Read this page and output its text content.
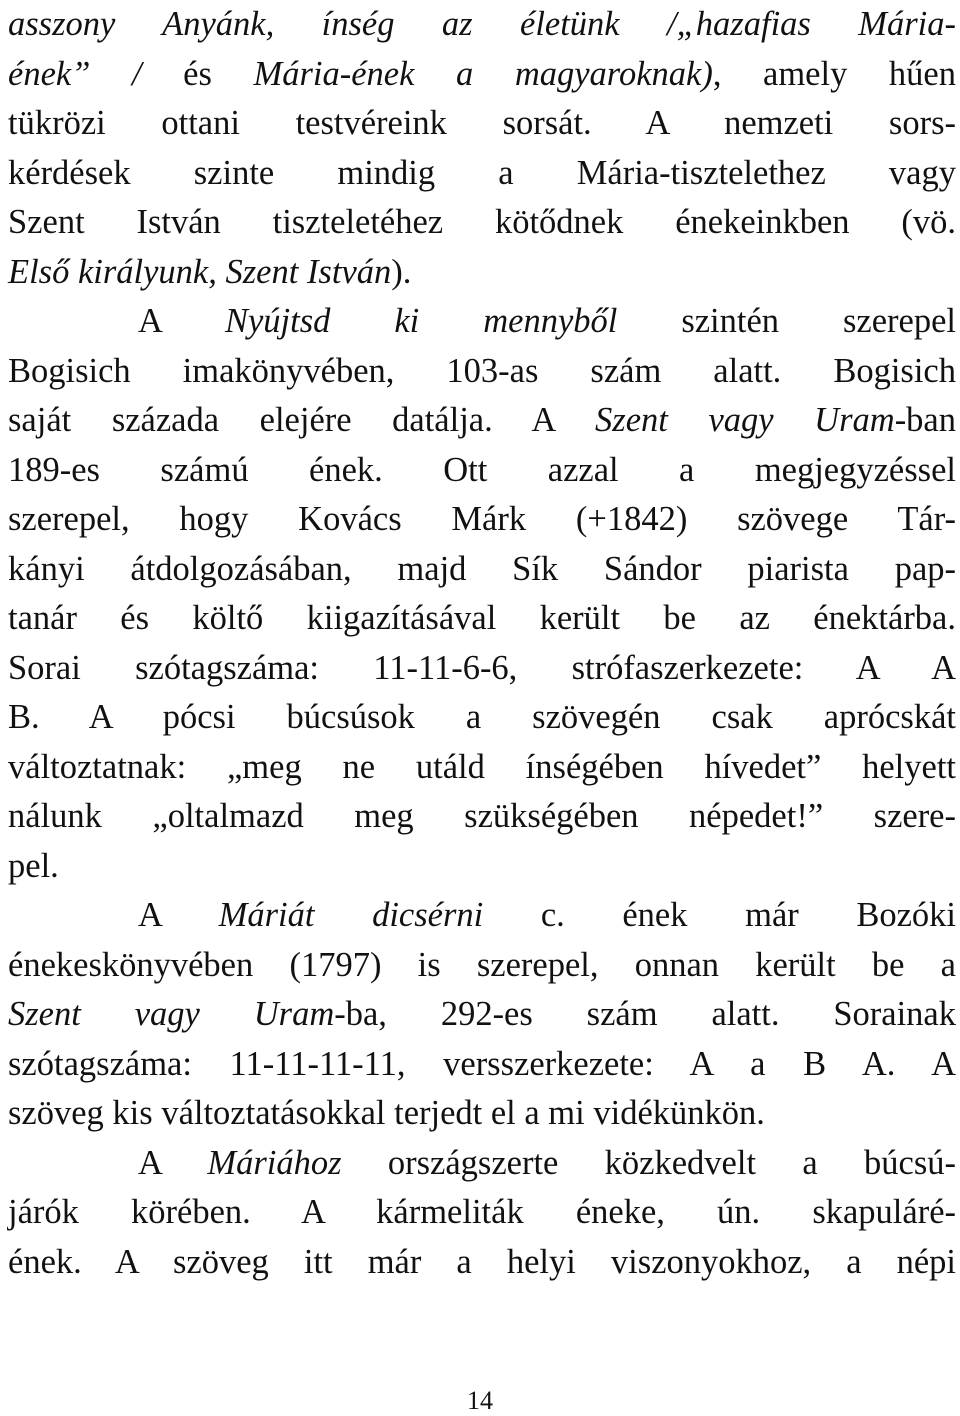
asszony Anyánk, ínség az életünk /„hazafias Mária-
ének” / és Mária-ének a magyaroknak), amely hűen
tükrözi ottani testvéreink sorsát. A nemzeti sors-
kérdések szinte mindig a Mária-tisztelethez vagy
Szent István tiszteletéhez kötődnek énekeinkben (vö.
Első királyunk, Szent István).
A Nyújtsd ki mennyből szintén szerepel
Bogisich imakönyvében, 103-as szám alatt. Bogisich
saját százada elejére datálja. A Szent vagy Uram-ban
189-es számú ének. Ott azzal a megjegyzéssel
szerepel, hogy Kovács Márk (+1842) szövege Tár-
kányi átdolgozásában, majd Sík Sándor piarista pap-
tanár és költő kiigazításával került be az énektárba.
Sorai szótagszáma: 11-11-6-6, strófaszerkezete: A A
B. A pócsi búcsúsok a szövegén csak aprócskát
változtatnak: „meg ne utáld ínségében hívedet” helyett
nálunk „oltalmazd meg szükségében népedet!” szere-
pel.
A Máriát dicsérni c. ének már Bozóki
énekeskönyvében (1797) is szerepel, onnan került be a
Szent vagy Uram-ba, 292-es szám alatt. Sorainak
szótagszáma: 11-11-11-11, versszerkezete: A a B A. A
szöveg kis változtatásokkal terjedt el a mi vidékünkön.
A Máriához országszerte közkedvelt a búcsú-
járók körében. A kármeliták éneke, ún. skapuláré-
ének. A szöveg itt már a helyi viszonyokhoz, a népi
14
